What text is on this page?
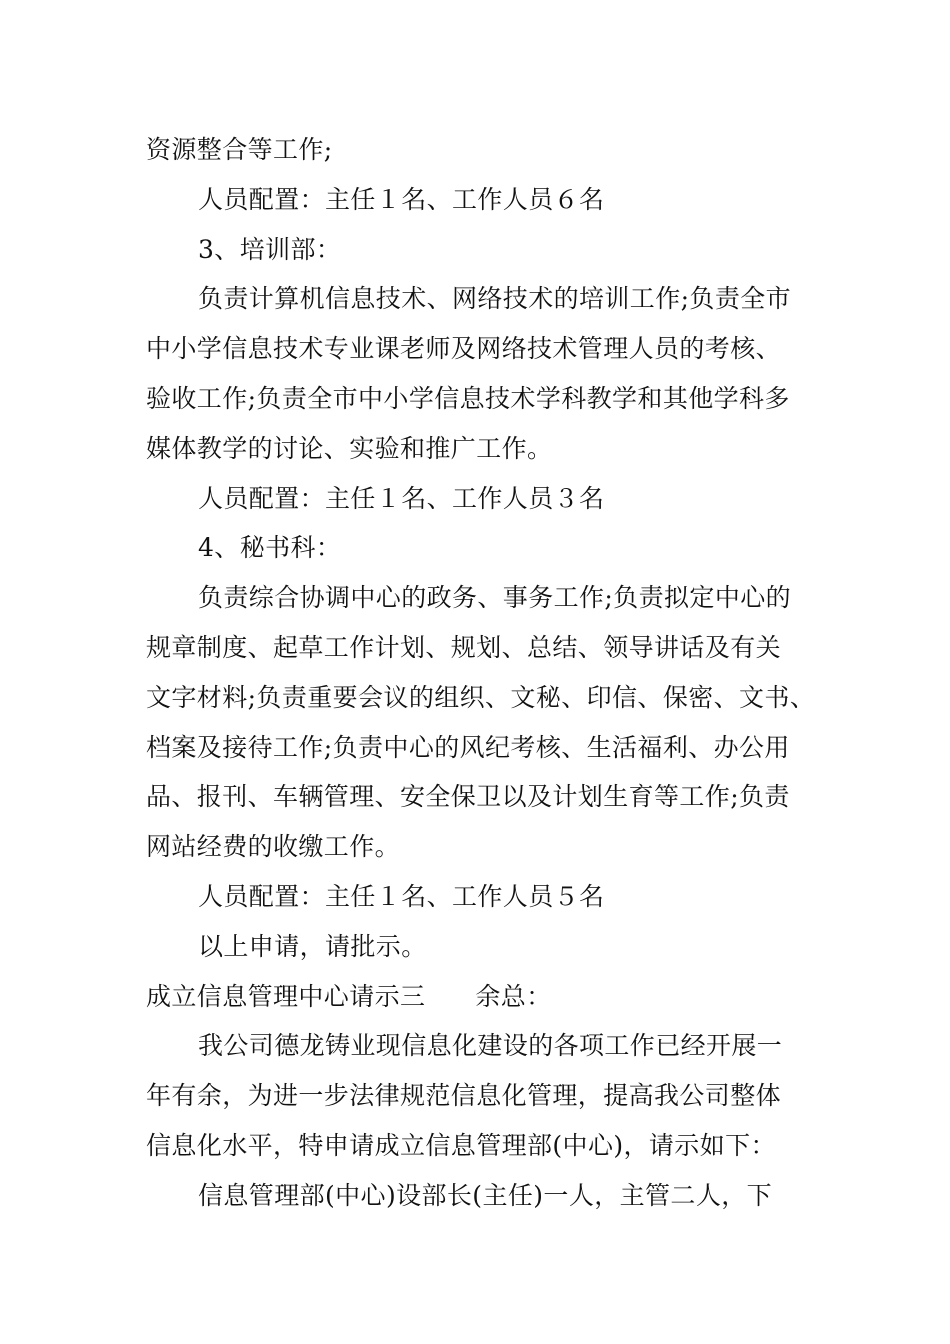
资源整合等工作;
人员配置：主任１名、工作人员６名
3、培训部：
负责计算机信息技术、网络技术的培训工作;负责全市
中小学信息技术专业课老师及网络技术管理人员的考核、
验收工作;负责全市中小学信息技术学科教学和其他学科多
媒体教学的讨论、实验和推广工作。
人员配置：主任１名、工作人员３名
4、秘书科：
负责综合协调中心的政务、事务工作;负责拟定中心的
规章制度、起草工作计划、规划、总结、领导讲话及有关
文字材料;负责重要会议的组织、文秘、印信、保密、文书、
档案及接待工作;负责中心的风纪考核、生活福利、办公用
品、报刊、车辆管理、安全保卫以及计划生育等工作;负责
网站经费的收缴工作。
人员配置：主任１名、工作人员５名
以上申请，请批示。
成立信息管理中心请示三 余总：
我公司德龙铸业现信息化建设的各项工作已经开展一
年有余，为进一步法律规范信息化管理，提高我公司整体
信息化水平，特申请成立信息管理部(中心)，请示如下：
信息管理部(中心)设部长(主任)一人，主管二人，下
